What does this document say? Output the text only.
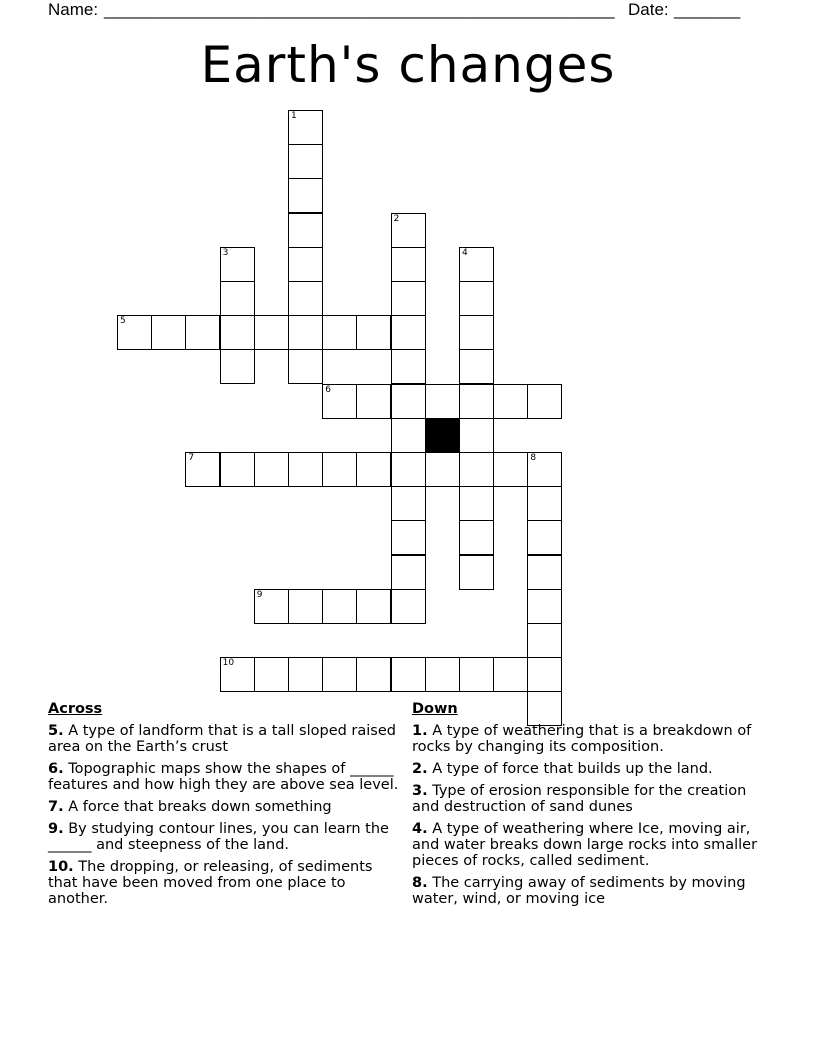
Name: ______________________________________________________ Date: _______
Earth's changes
1
2
3	4
8
5
6
7
9
10
Across
5. A type of landform that is a tall sloped raised area on the Earth’s crust
6. Topographic maps show the shapes of ______ features and how high they are above sea level.
7. A force that breaks down something
9. By studying contour lines, you can learn the ______ and steepness of the land.
10. The dropping, or releasing, of sediments that have been moved from one place to another.
Down
1. A type of weathering that is a breakdown of rocks by changing its composition.
2. A type of force that builds up the land.
3. Type of erosion responsible for the creation and destruction of sand dunes
4. A type of weathering where Ice, moving air, and water breaks down large rocks into smaller pieces of rocks, called sediment.
8. The carrying away of sediments by moving water, wind, or moving ice
